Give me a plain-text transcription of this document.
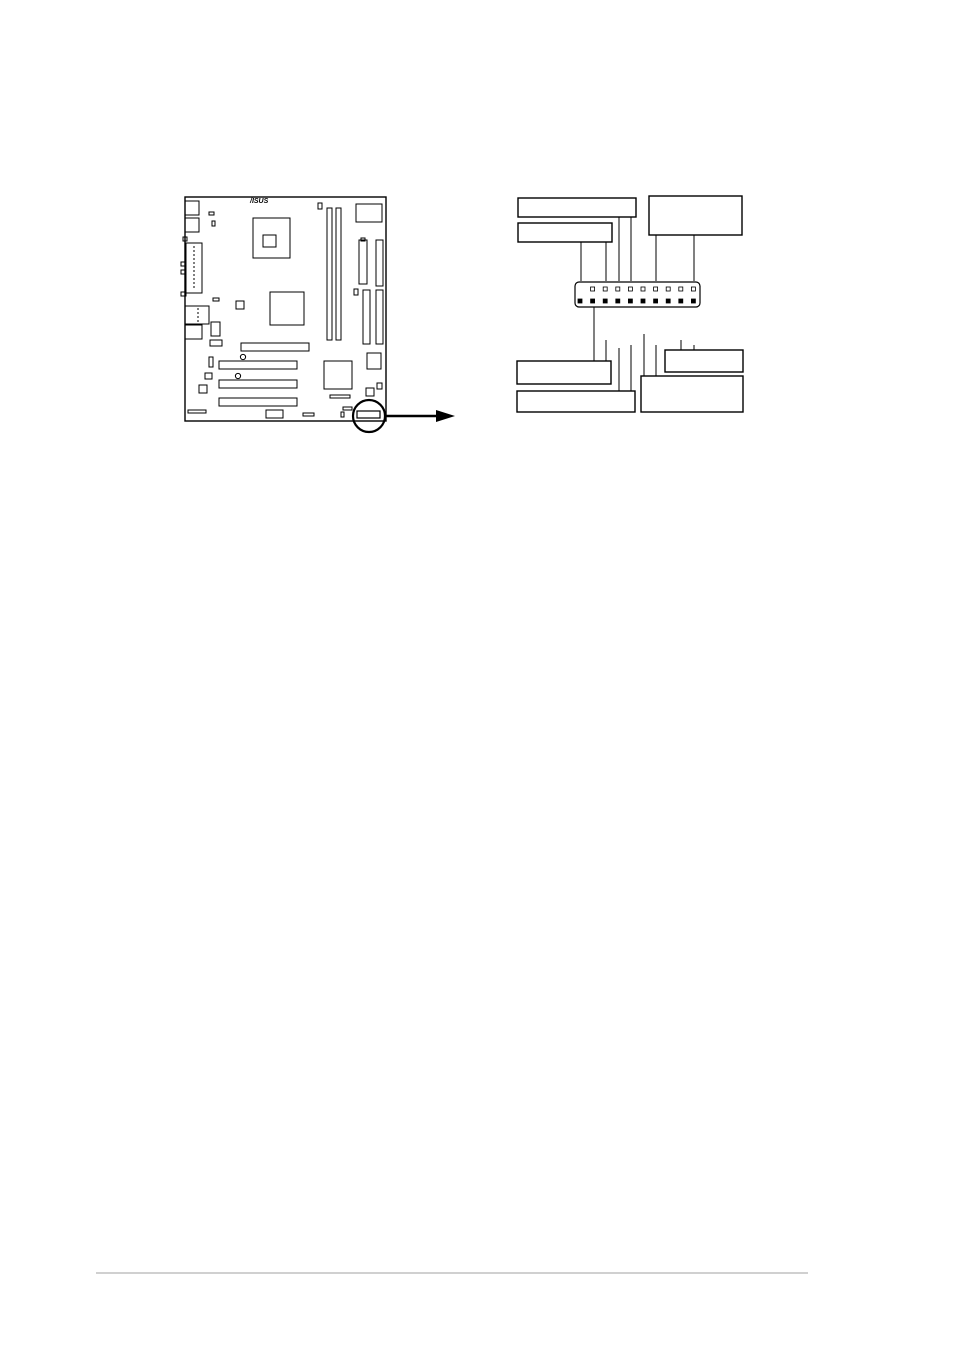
/ISUS
